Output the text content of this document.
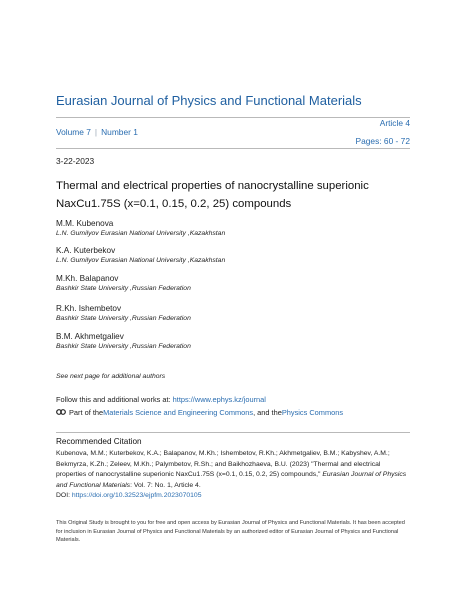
Eurasian Journal of Physics and Functional Materials
Article 4
Volume 7 | Number 1
Pages: 60 - 72
3-22-2023
Thermal and electrical properties of nanocrystalline superionic
NaxCu1.75S (x=0.1, 0.15, 0.2, 25) compounds
M.M. Kubenova
L.N. Gumilyov Eurasian National University ,Kazakhstan
K.A. Kuterbekov
L.N. Gumilyov Eurasian National University ,Kazakhstan
M.Kh. Balapanov
Bashkir State University ,Russian Federation
R.Kh. Ishembetov
Bashkir State University ,Russian Federation
B.M. Akhmetgaliev
Bashkir State University ,Russian Federation
See next page for additional authors
Follow this and additional works at: https://www.ephys.kz/journal
Part of the Materials Science and Engineering Commons , and the Physics Commons
Recommended Citation
Kubenova, M.M.; Kuterbekov, K.A.; Balapanov, M.Kh.; Ishembetov, R.Kh.; Akhmetgaliev, B.M.; Kabyshev, A.M.; Bekmyrza, K.Zh.; Zeleev, M.Kh.; Palymbetov, R.Sh.; and Baikhozhaeva, B.U. (2023) "Thermal and electrical properties of nanocrystalline superionic NaxCu1.75S (x=0.1, 0.15, 0.2, 25) compounds," Eurasian Journal of Physics and Functional Materials: Vol. 7: No. 1, Article 4.
DOI: https://doi.org/10.32523/ejpfm.2023070105
This Original Study is brought to you for free and open access by Eurasian Journal of Physics and Functional Materials. It has been accepted for inclusion in Eurasian Journal of Physics and Functional Materials by an authorized editor of Eurasian Journal of Physics and Functional Materials.
